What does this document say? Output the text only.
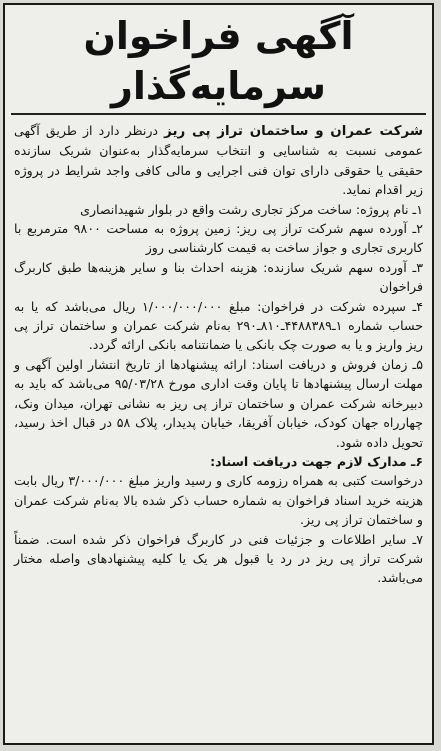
آگهی فراخوان سرمایه‌گذار

شرکت عمران و ساختمان تراز پی ریز درنظر دارد از طریق آگهی عمومی نسبت به شناسایی و انتخاب سرمایه‌گذار به‌عنوان شریک سازنده حقیقی یا حقوقی دارای توان فنی اجرایی و مالی کافی واجد شرایط در پروژه زیر اقدام نماید.

۱ـ نام پروژه: ساخت مرکز تجاری رشت واقع در بلوار شهیدانصاری

۲ـ آورده سهم شرکت تراز پی ریز: زمین پروژه به مساحت ۹۸۰۰ مترمربع با کاربری تجاری و جواز ساخت به قیمت کارشناسی روز

۳ـ آورده سهم شریک سازنده: هزینه احداث بنا و سایر هزینه‌ها طبق کاربرگ فراخوان

۴ـ سپرده شرکت در فراخوان: مبلغ ۱/۰۰۰/۰۰۰/۰۰۰ ریال می‌باشد که یا به حساب شماره ۱ـ۴۴۸۸۳۸۹ـ۸۱۰ـ۲۹۰ به‌نام شرکت عمران و ساختمان تراز پی ریز واریز و یا به صورت چک بانکی یا ضمانتنامه بانکی ارائه گردد.

۵ـ زمان فروش و دریافت اسناد: ارائه پیشنهادها از تاریخ انتشار اولین آگهی و مهلت ارسال پیشنهادها تا پایان وقت اداری مورخ ۹۵/۰۳/۲۸ می‌باشد که باید به دبیرخانه شرکت عمران و ساختمان تراز پی ریز به نشانی تهران، میدان ونک، چهارراه جهان کودک، خیابان آفریقا، خیابان پدیدار، پلاک ۵۸ در قبال اخذ رسید، تحویل داده شود.

۶ـ مدارک لازم جهت دریافت اسناد:

درخواست کتبی به همراه رزومه کاری و رسید واریز مبلغ ۳/۰۰۰/۰۰۰ ریال بابت هزینه خرید اسناد فراخوان به شماره حساب ذکر شده بالا به‌نام شرکت عمران و ساختمان تراز پی ریز.

۷ـ سایر اطلاعات و جزئیات فنی در کاربرگ فراخوان ذکر شده است. ضمناً شرکت تراز پی ریز در رد یا قبول هر یک یا کلیه پیشنهادهای واصله مختار می‌باشد.
